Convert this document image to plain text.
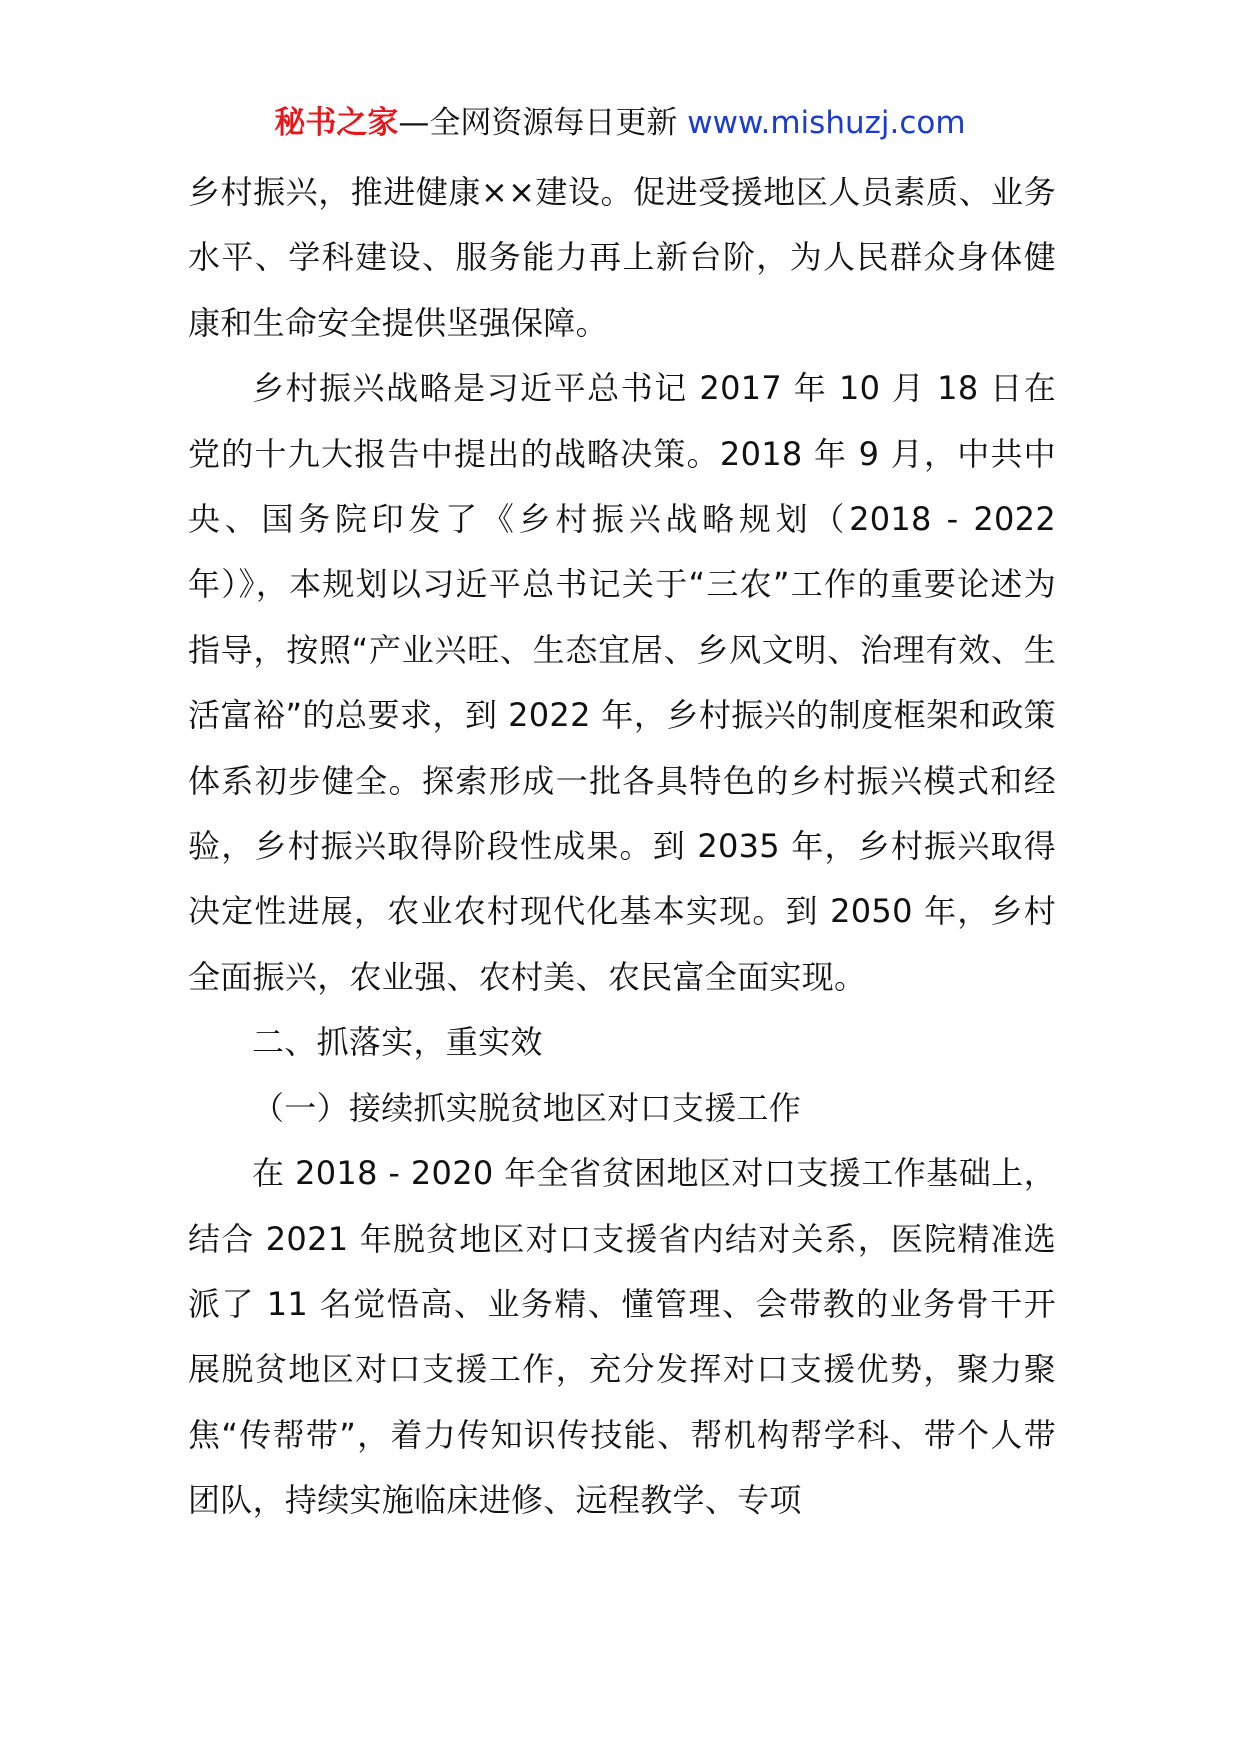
秘书之家—全网资源每日更新 www.mishuzj.com

乡村振兴，推进健康××建设。促进受援地区人员素质、业务水平、学科建设、服务能力再上新台阶，为人民群众身体健康和生命安全提供坚强保障。

乡村振兴战略是习近平总书记 2017 年 10 月 18 日在党的十九大报告中提出的战略决策。2018 年 9 月，中共中央、国务院印发了《乡村振兴战略规划（2018 - 2022 年）》，本规划以习近平总书记关于“三农”工作的重要论述为指导，按照“产业兴旺、生态宜居、乡风文明、治理有效、生活富裕”的总要求，到 2022 年，乡村振兴的制度框架和政策体系初步健全。探索形成一批各具特色的乡村振兴模式和经验，乡村振兴取得阶段性成果。到 2035 年，乡村振兴取得决定性进展，农业农村现代化基本实现。到 2050 年，乡村全面振兴，农业强、农村美、农民富全面实现。

二、抓落实，重实效

（一）接续抓实脱贫地区对口支援工作

在 2018 - 2020 年全省贫困地区对口支援工作基础上，结合 2021 年脱贫地区对口支援省内结对关系，医院精准选派了 11 名觉悟高、业务精、懂管理、会带教的业务骨干开展脱贫地区对口支援工作，充分发挥对口支援优势，聚力聚焦“传帮带”，着力传知识传技能、帮机构帮学科、带个人带团队，持续实施临床进修、远程教学、专项
